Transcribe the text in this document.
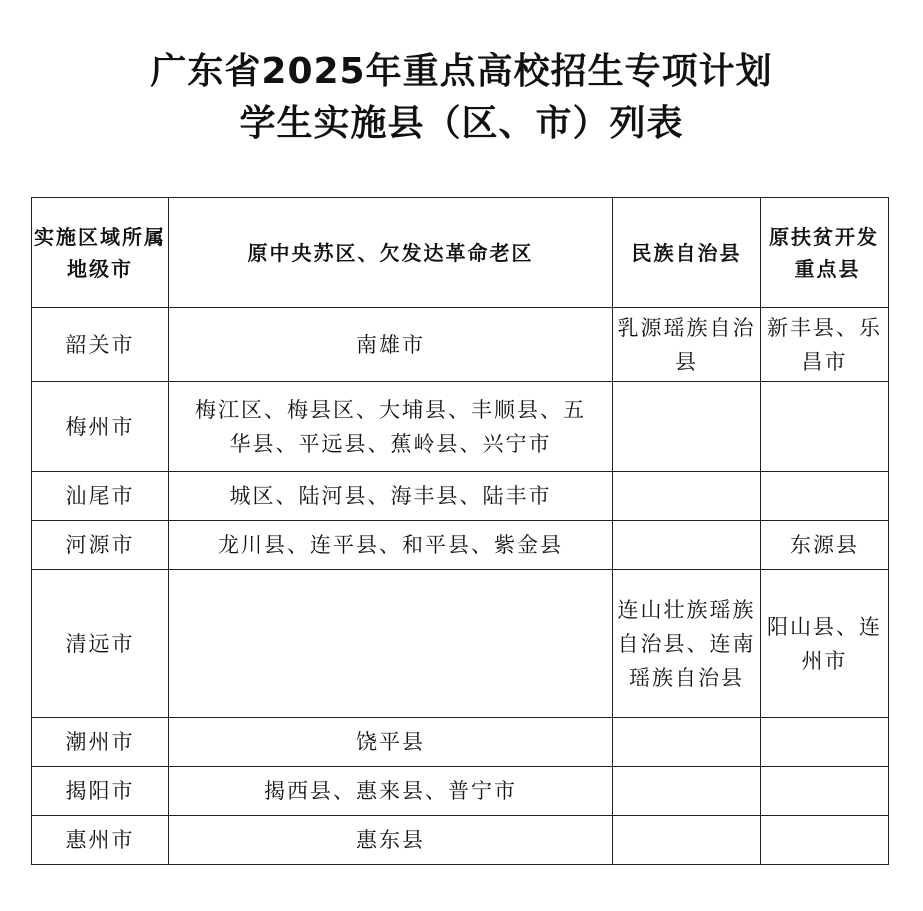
广东省2025年重点高校招生专项计划
学生实施县（区、市）列表
实施区域所属地级市	原中央苏区、欠发达革命老区	民族自治县	原扶贫开发
重点县

韶关市	南雄市	乳源瑶族自治县	新丰县、乐昌市
梅州市	梅江区、梅县区、大埔县、丰顺县、五华县、平远县、蕉岭县、兴宁市		
汕尾市	城区、陆河县、海丰县、陆丰市		
河源市	龙川县、连平县、和平县、紫金县		东源县
清远市		连山壮族瑶族自治县、连南瑶族自治县	阳山县、连州市
潮州市	饶平县		
揭阳市	揭西县、惠来县、普宁市		
惠州市	惠东县		
